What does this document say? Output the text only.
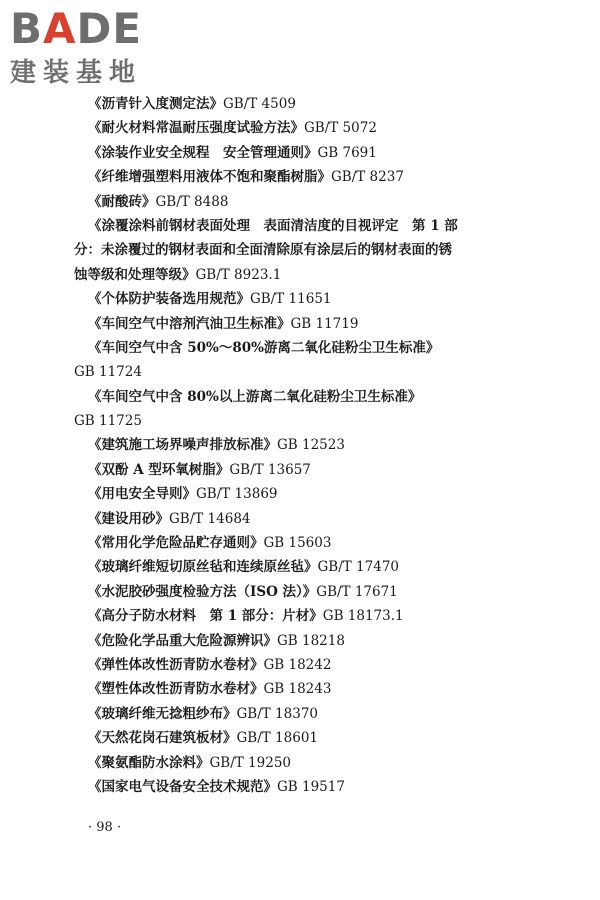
BADE
建装基地
《沥青针入度测定法》GB/T 4509
《耐火材料常温耐压强度试验方法》GB/T 5072
《涂装作业安全规程　安全管理通则》GB 7691
《纤维增强塑料用液体不饱和聚酯树脂》GB/T 8237
《耐酸砖》GB/T 8488
《涂覆涂料前钢材表面处理　表面清洁度的目视评定　第 1 部
分：未涂覆过的钢材表面和全面清除原有涂层后的钢材表面的锈
蚀等级和处理等级》GB/T 8923.1
《个体防护装备选用规范》GB/T 11651
《车间空气中溶剂汽油卫生标准》GB 11719
《车间空气中含 50%～80%游离二氧化硅粉尘卫生标准》
GB 11724
《车间空气中含 80%以上游离二氧化硅粉尘卫生标准》
GB 11725
《建筑施工场界噪声排放标准》GB 12523
《双酚 A 型环氧树脂》GB/T 13657
《用电安全导则》GB/T 13869
《建设用砂》GB/T 14684
《常用化学危险品贮存通则》GB 15603
《玻璃纤维短切原丝毡和连续原丝毡》GB/T 17470
《水泥胶砂强度检验方法（ISO 法）》GB/T 17671
《高分子防水材料　第 1 部分：片材》GB 18173.1
《危险化学品重大危险源辨识》GB 18218
《弹性体改性沥青防水卷材》GB 18242
《塑性体改性沥青防水卷材》GB 18243
《玻璃纤维无捻粗纱布》GB/T 18370
《天然花岗石建筑板材》GB/T 18601
《聚氨酯防水涂料》GB/T 19250
《国家电气设备安全技术规范》GB 19517
· 98 ·
